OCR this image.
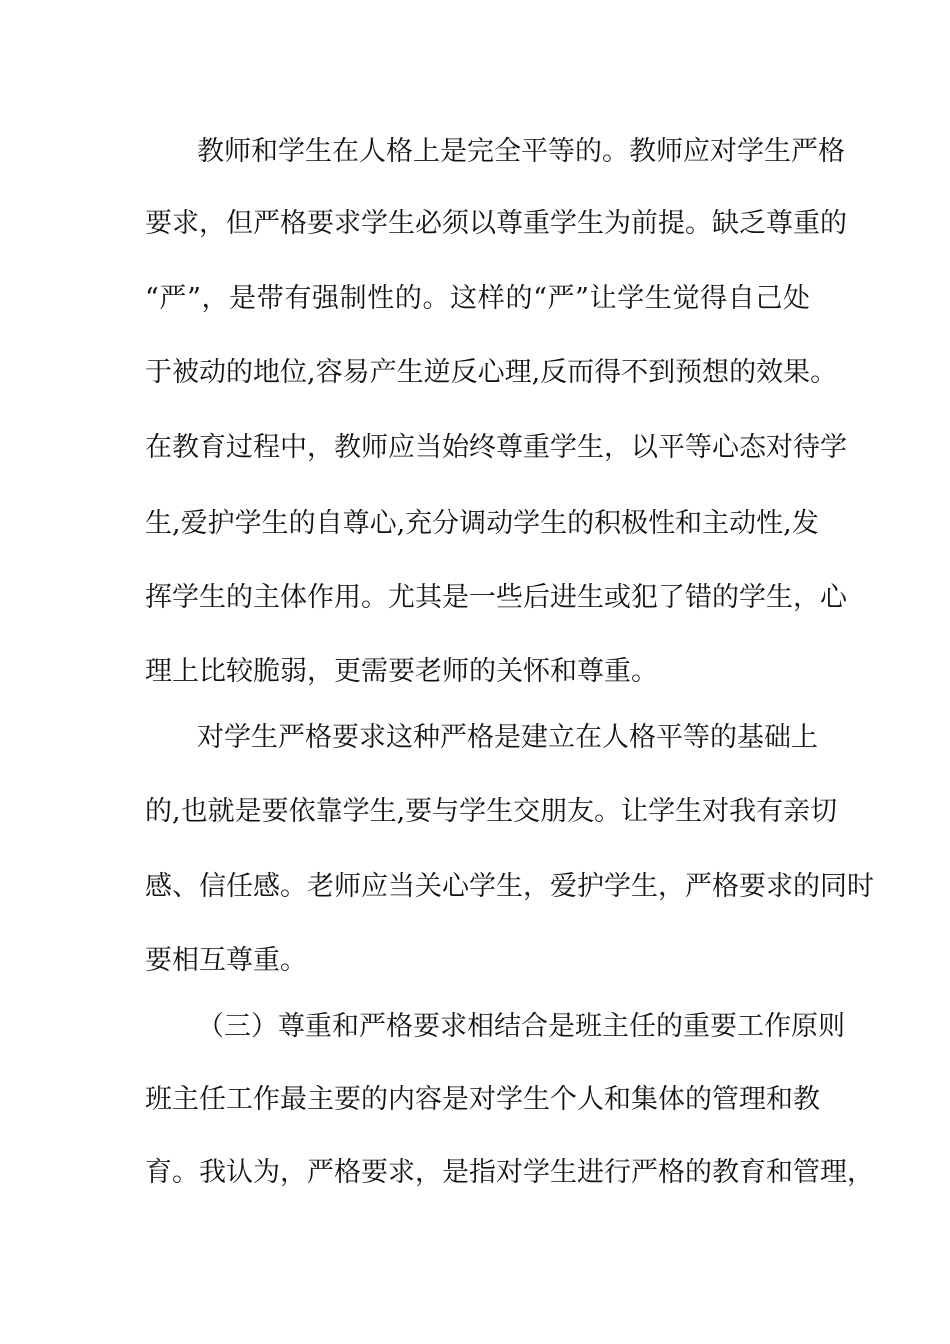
教师和学生在人格上是完全平等的。教师应对学生严格
要求，但严格要求学生必须以尊重学生为前提。缺乏尊重的
“严”，是带有强制性的。这样的“严”让学生觉得自己处
于被动的地位,容易产生逆反心理,反而得不到预想的效果。
在教育过程中，教师应当始终尊重学生，以平等心态对待学
生,爱护学生的自尊心,充分调动学生的积极性和主动性,发
挥学生的主体作用。尤其是一些后进生或犯了错的学生，心
理上比较脆弱，更需要老师的关怀和尊重。
对学生严格要求这种严格是建立在人格平等的基础上
的,也就是要依靠学生,要与学生交朋友。让学生对我有亲切
感、信任感。老师应当关心学生，爱护学生，严格要求的同时
要相互尊重。
（三）尊重和严格要求相结合是班主任的重要工作原则
班主任工作最主要的内容是对学生个人和集体的管理和教
育。我认为，严格要求，是指对学生进行严格的教育和管理，
